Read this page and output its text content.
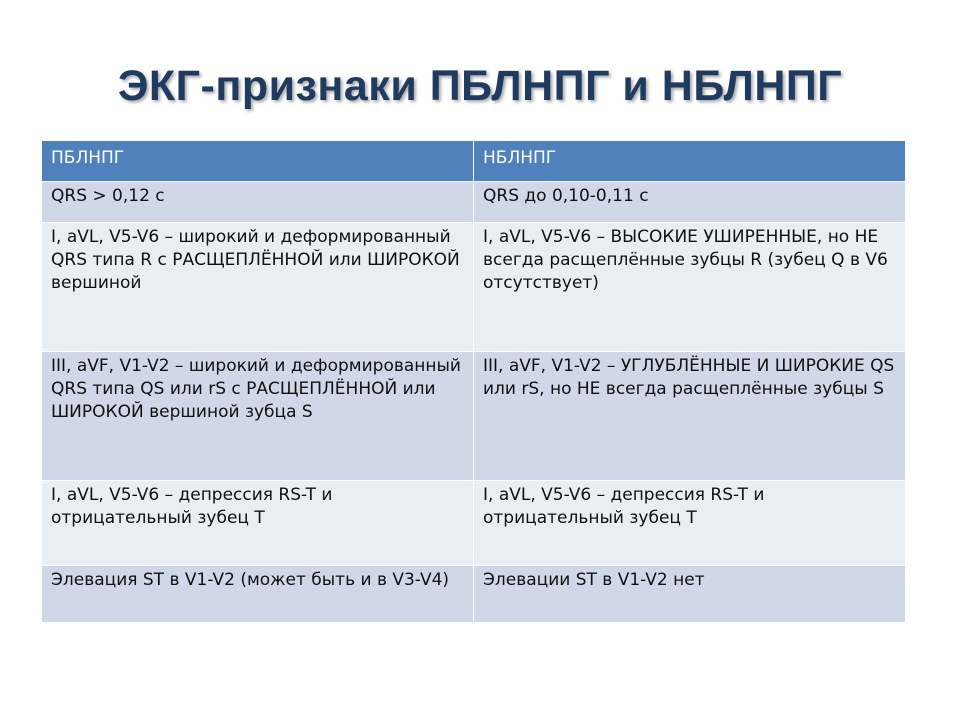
ЭКГ-признаки ПБЛНПГ и НБЛНПГ
ПБЛНПГ	НБЛНПГ
QRS > 0,12 с	QRS до 0,10-0,11 с
I, aVL, V5-V6 – широкий и деформированный QRS типа R с РАСЩЕПЛЁННОЙ или ШИРОКОЙ вершиной	I, aVL, V5-V6 – ВЫСОКИЕ УШИРЕННЫЕ, но НЕ всегда расщеплённые зубцы R (зубец Q в V6 отсутствует)
III, aVF, V1-V2 – широкий и деформированный QRS типа QS или rS с РАСЩЕПЛЁННОЙ или ШИРОКОЙ вершиной зубца S	III, aVF, V1-V2 – УГЛУБЛЁННЫЕ И ШИРОКИЕ QS или rS, но НЕ всегда расщеплённые зубцы S
I, aVL, V5-V6 – депрессия RS-T и отрицательный зубец T	I, aVL, V5-V6 – депрессия RS-T и отрицательный зубец T
Элевация ST в V1-V2 (может быть и в V3-V4)	Элевации ST в V1-V2 нет
